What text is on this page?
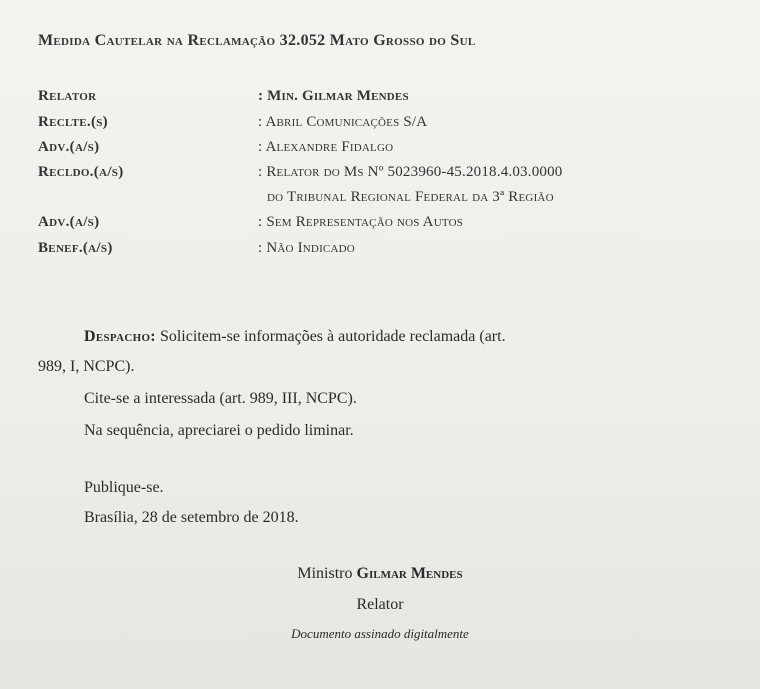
Medida Cautelar na Reclamação 32.052 Mato Grosso do Sul
Relator	: Min. Gilmar Mendes
Reclte.(s)	: Abril Comunicações S/A
Adv.(a/s)	: Alexandre Fidalgo
Recldo.(a/s)	: Relator do Ms Nº 5023960-45.2018.4.03.0000
do Tribunal Regional Federal da 3ª Região
Adv.(a/s)	: Sem Representação nos Autos
Benef.(a/s)	: Não Indicado
Despacho: Solicitem-se informações à autoridade reclamada (art.
989, I, NCPC).
Cite-se a interessada (art. 989, III, NCPC).
Na sequência, apreciarei o pedido liminar.
Publique-se.
Brasília, 28 de setembro de 2018.
Ministro Gilmar Mendes
Relator
Documento assinado digitalmente
